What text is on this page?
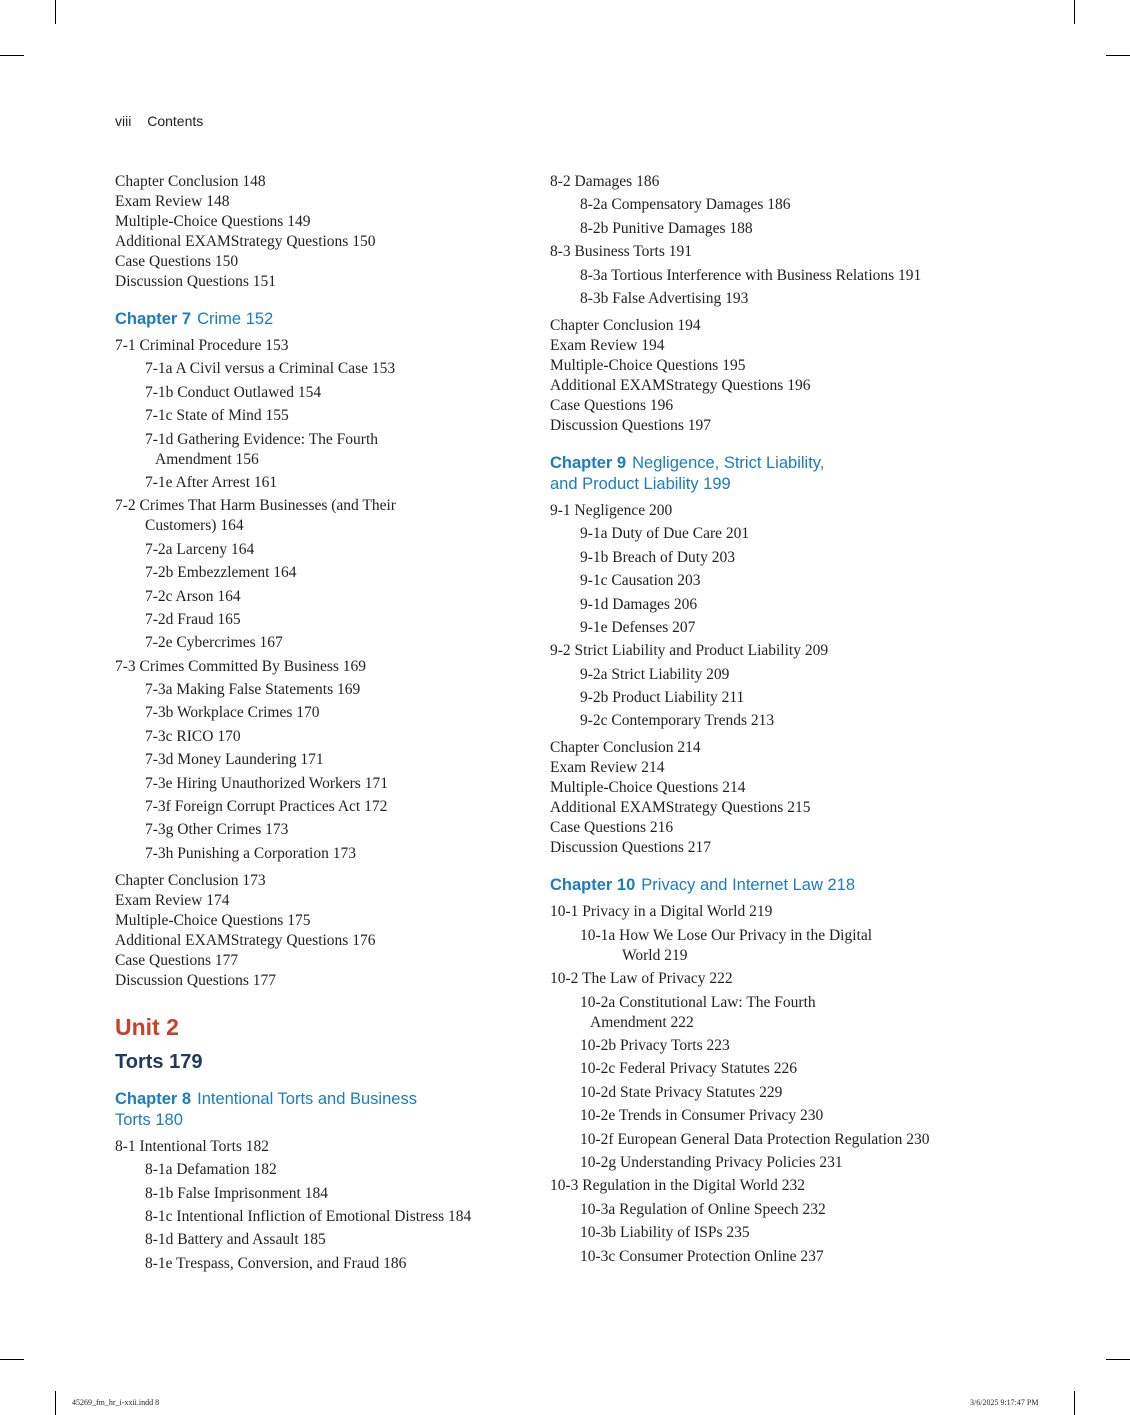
viii Contents
Chapter Conclusion 148
Exam Review 148
Multiple-Choice Questions 149
Additional EXAMStrategy Questions 150
Case Questions 150
Discussion Questions 151
Chapter 7 Crime 152
7-1 Criminal Procedure 153
7-1a A Civil versus a Criminal Case 153
7-1b Conduct Outlawed 154
7-1c State of Mind 155
7-1d Gathering Evidence: The Fourth
Amendment 156
7-1e After Arrest 161
7-2 Crimes That Harm Businesses (and Their
Customers) 164
7-2a Larceny 164
7-2b Embezzlement 164
7-2c Arson 164
7-2d Fraud 165
7-2e Cybercrimes 167
7-3 Crimes Committed By Business 169
7-3a Making False Statements 169
7-3b Workplace Crimes 170
7-3c RICO 170
7-3d Money Laundering 171
7-3e Hiring Unauthorized Workers 171
7-3f Foreign Corrupt Practices Act 172
7-3g Other Crimes 173
7-3h Punishing a Corporation 173
Chapter Conclusion 173
Exam Review 174
Multiple-Choice Questions 175
Additional EXAMStrategy Questions 176
Case Questions 177
Discussion Questions 177
Unit 2
Torts 179
Chapter 8 Intentional Torts and Business
Torts 180
8-1 Intentional Torts 182
8-1a Defamation 182
8-1b False Imprisonment 184
8-1c Intentional Infliction of Emotional Distress 184
8-1d Battery and Assault 185
8-1e Trespass, Conversion, and Fraud 186
8-2 Damages 186
8-2a Compensatory Damages 186
8-2b Punitive Damages 188
8-3 Business Torts 191
8-3a Tortious Interference with Business Relations 191
8-3b False Advertising 193
Chapter Conclusion 194
Exam Review 194
Multiple-Choice Questions 195
Additional EXAMStrategy Questions 196
Case Questions 196
Discussion Questions 197
Chapter 9 Negligence, Strict Liability,
and Product Liability 199
9-1 Negligence 200
9-1a Duty of Due Care 201
9-1b Breach of Duty 203
9-1c Causation 203
9-1d Damages 206
9-1e Defenses 207
9-2 Strict Liability and Product Liability 209
9-2a Strict Liability 209
9-2b Product Liability 211
9-2c Contemporary Trends 213
Chapter Conclusion 214
Exam Review 214
Multiple-Choice Questions 214
Additional EXAMStrategy Questions 215
Case Questions 216
Discussion Questions 217
Chapter 10 Privacy and Internet Law 218
10-1 Privacy in a Digital World 219
10-1a How We Lose Our Privacy in the Digital
World 219
10-2 The Law of Privacy 222
10-2a Constitutional Law: The Fourth
Amendment 222
10-2b Privacy Torts 223
10-2c Federal Privacy Statutes 226
10-2d State Privacy Statutes 229
10-2e Trends in Consumer Privacy 230
10-2f European General Data Protection Regulation 230
10-2g Understanding Privacy Policies 231
10-3 Regulation in the Digital World 232
10-3a Regulation of Online Speech 232
10-3b Liability of ISPs 235
10-3c Consumer Protection Online 237
45269_fm_hr_i-xxii.indd 8	3/6/2025 9:17:47 PM
